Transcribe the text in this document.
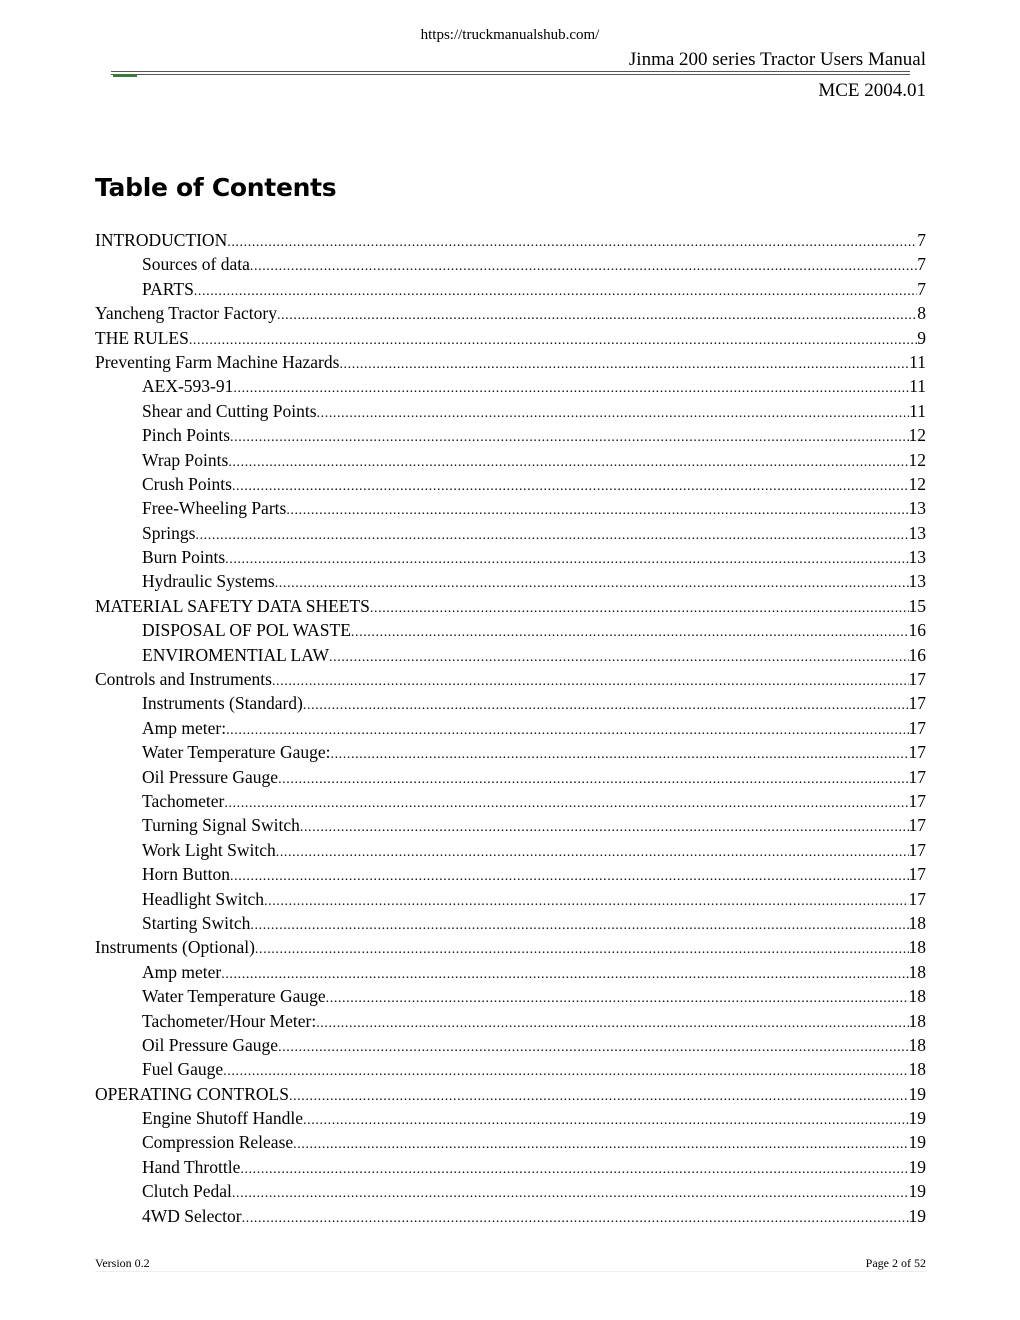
https://truckmanualshub.com/
Jinma 200 series Tractor Users Manual
MCE 2004.01
Table of Contents
INTRODUCTION .....	7
Sources of data .....	7
PARTS .....	7
Yancheng Tractor Factory .....	8
THE RULES .....	9
Preventing Farm Machine Hazards .....	11
AEX-593-91 .....	11
Shear and Cutting Points .....	11
Pinch Points .....	12
Wrap Points .....	12
Crush Points .....	12
Free-Wheeling Parts .....	13
Springs .....	13
Burn Points .....	13
Hydraulic Systems .....	13
MATERIAL SAFETY DATA SHEETS .....	15
DISPOSAL OF POL WASTE .....	16
ENVIROMENTIAL LAW .....	16
Controls and Instruments .....	17
Instruments (Standard) .....	17
Amp meter: .....	17
Water Temperature Gauge: .....	17
Oil Pressure Gauge .....	17
Tachometer .....	17
Turning Signal Switch .....	17
Work Light Switch .....	17
Horn Button .....	17
Headlight Switch .....	17
Starting Switch .....	18
Instruments (Optional) .....	18
Amp meter .....	18
Water Temperature Gauge .....	18
Tachometer/Hour Meter: .....	18
Oil Pressure Gauge .....	18
Fuel Gauge .....	18
OPERATING CONTROLS .....	19
Engine Shutoff Handle .....	19
Compression Release .....	19
Hand Throttle .....	19
Clutch Pedal .....	19
4WD Selector .....	19
Version 0.2	Page 2 of 52
